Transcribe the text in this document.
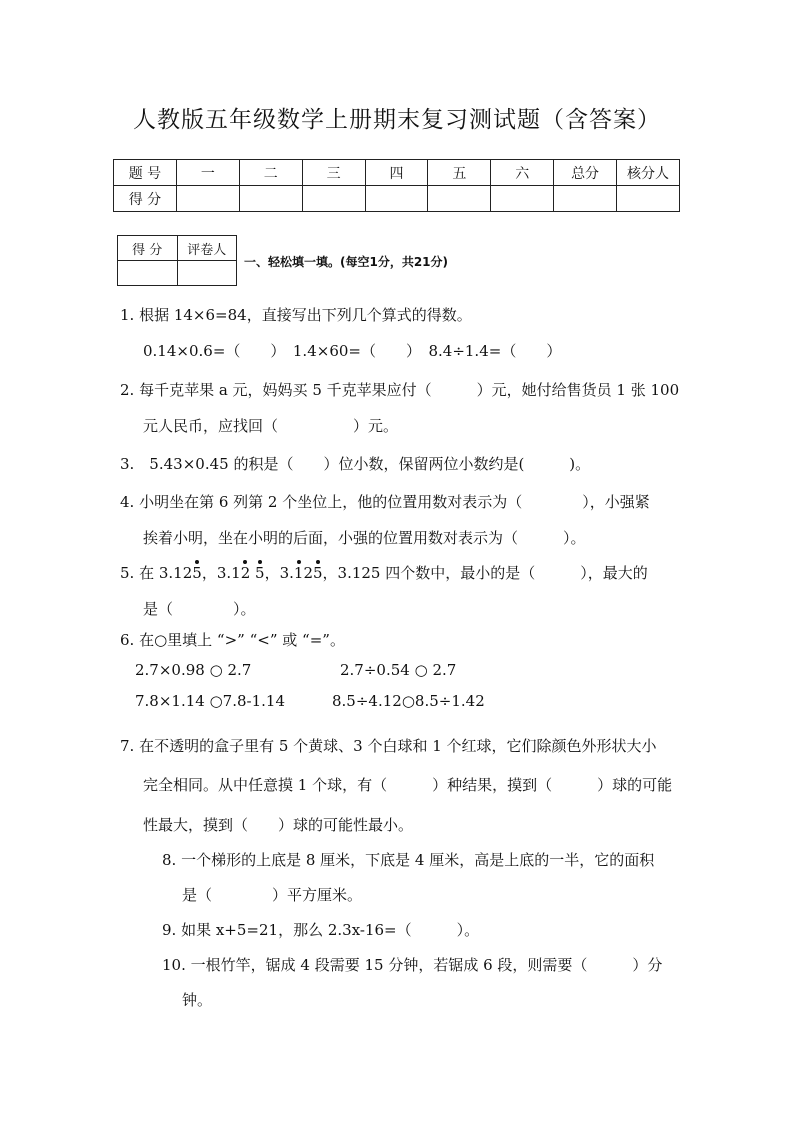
人教版五年级数学上册期末复习测试题（含答案）
题 号	一	二	三	四	五	六	总分	核分人
得 分								
得 分	评卷人

一、轻松填一填。(每空1分，共21分)
1. 根据 14×6=84，直接写出下列几个算式的得数。
0.14×0.6=（　　）　1.4×60=（　　）　8.4÷1.4=（　　）
2. 每千克苹果 a 元，妈妈买 5 千克苹果应付（　　　）元，她付给售货员 1 张 100
元人民币，应找回（　　　　　）元。
3.　5.43×0.45 的积是（　　）位小数，保留两位小数约是(　　　)。
4. 小明坐在第 6 列第 2 个坐位上，他的位置用数对表示为（　　　　），小强紧
挨着小明，坐在小明的后面，小强的位置用数对表示为（　　　）。
5. 在 3.125，3.12 5，3.125，3.125 四个数中，最小的是（　　　），最大的
是（　　　　）。
6. 在○里填上 “>” “<” 或 “=”。
2.7×0.98 ○ 2.7	2.7÷0.54 ○ 2.7
7.8×1.14 ○7.8-1.14	8.5÷4.12○8.5÷1.42
7. 在不透明的盒子里有 5 个黄球、3 个白球和 1 个红球，它们除颜色外形状大小
完全相同。从中任意摸 1 个球，有（　　　）种结果，摸到（　　　）球的可能
性最大，摸到（　　）球的可能性最小。
8. 一个梯形的上底是 8 厘米，下底是 4 厘米，高是上底的一半，它的面积
是（　　　　）平方厘米。
9. 如果 x+5=21，那么 2.3x-16=（　　　）。
10. 一根竹竿，锯成 4 段需要 15 分钟，若锯成 6 段，则需要（　　　）分
钟。
